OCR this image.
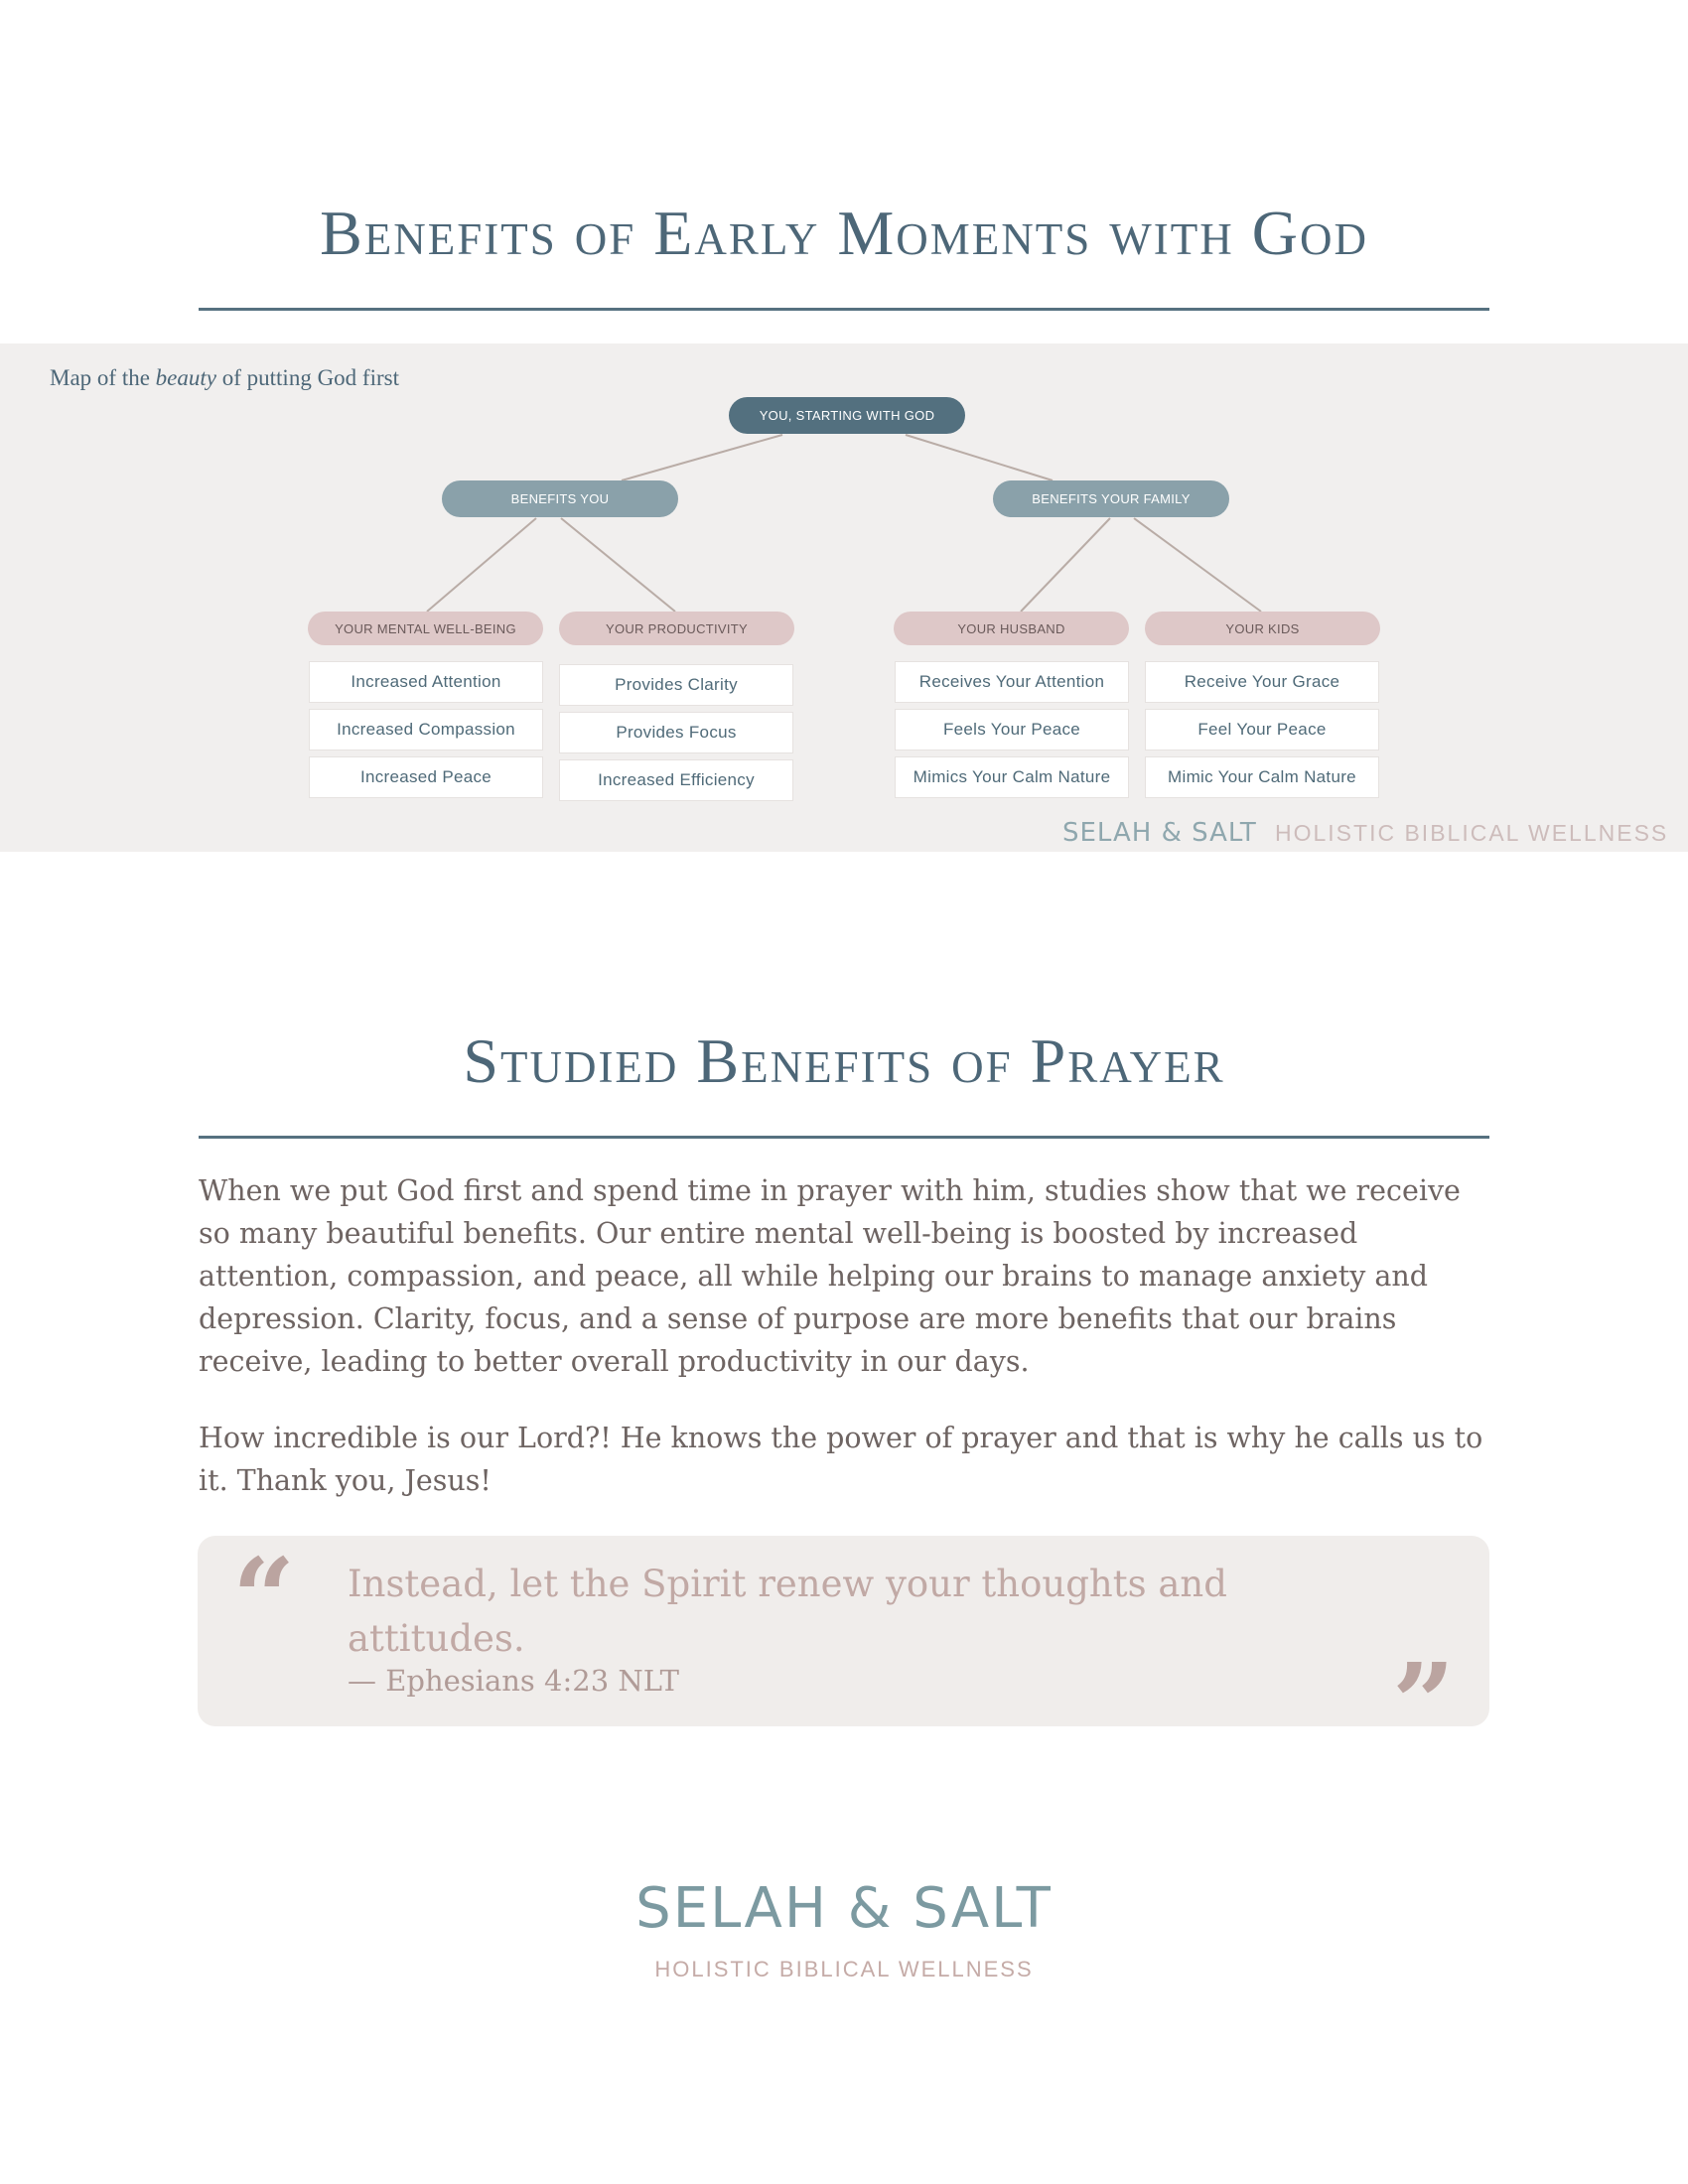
Benefits of Early Moments with God
Map of the beauty of putting God first
YOU, STARTING WITH GOD
BENEFITS YOU	BENEFITS YOUR FAMILY
YOUR MENTAL WELL-BEING
Increased Attention
Increased Compassion
Increased Peace
YOUR PRODUCTIVITY
Provides Clarity
Provides Focus
Increased Efficiency
YOUR HUSBAND
Receives Your Attention
Feels Your Peace
Mimics Your Calm Nature
YOUR KIDS
Receive Your Grace
Feel Your Peace
Mimic Your Calm Nature
SELAH & SALT HOLISTIC BIBLICAL WELLNESS
Studied Benefits of Prayer
When we put God first and spend time in prayer with him, studies show that we receive so many beautiful benefits. Our entire mental well-being is boosted by increased attention, compassion, and peace, all while helping our brains to manage anxiety and depression. Clarity, focus, and a sense of purpose are more benefits that our brains receive, leading to better overall productivity in our days.
How incredible is our Lord?! He knows the power of prayer and that is why he calls us to it. Thank you, Jesus!
“ Instead, let the Spirit renew your thoughts and attitudes.
— Ephesians 4:23 NLT	”
SELAH & SALT
HOLISTIC BIBLICAL WELLNESS
